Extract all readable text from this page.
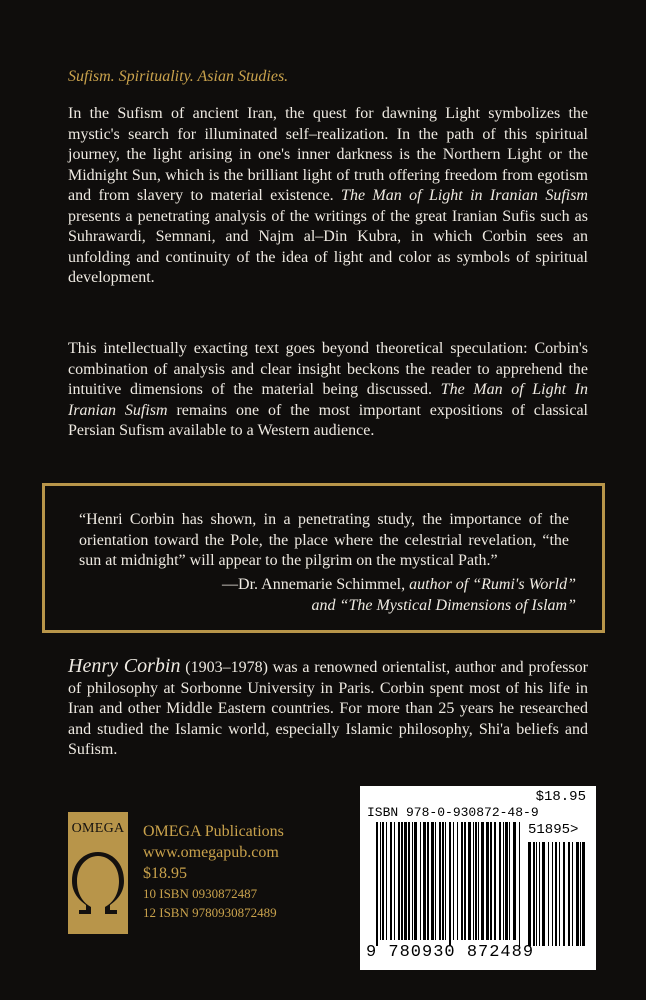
Sufism. Spirituality. Asian Studies.

In the Sufism of ancient Iran, the quest for dawning Light symbolizes the mystic's search for illuminated self–realization. In the path of this spiritual journey, the light arising in one's inner darkness is the Northern Light or the Midnight Sun, which is the brilliant light of truth offering freedom from egotism and from slavery to material existence. The Man of Light in Iranian Sufism presents a penetrating analysis of the writings of the great Iranian Sufis such as Suhrawardi, Semnani, and Najm al–Din Kubra, in which Corbin sees an unfolding and continuity of the idea of light and color as symbols of spiritual development.

This intellectually exacting text goes beyond theoretical speculation: Corbin's combination of analysis and clear insight beckons the reader to apprehend the intuitive dimensions of the material being discussed. The Man of Light In Iranian Sufism remains one of the most important expositions of classical Persian Sufism available to a Western audience.

“Henri Corbin has shown, in a penetrating study, the importance of the orientation toward the Pole, the place where the celestrial revelation, “the sun at midnight” will appear to the pilgrim on the mystical Path.”

—Dr. Annemarie Schimmel, author of “Rumi's World”
and “The Mystical Dimensions of Islam”

Henry Corbin (1903–1978) was a renowned orientalist, author and professor of philosophy at Sorbonne University in Paris. Corbin spent most of his life in Iran and other Middle Eastern countries. For more than 25 years he researched and studied the Islamic world, especially Islamic philosophy, Shi'a beliefs and Sufism.

OMEGA OMEGA Publications
www.omegapub.com
$18.95
10 ISBN 0930872487
12 ISBN 9780930872489

$18.95

ISBN 978-0-930872-48-9

51895>

9 780930 872489
